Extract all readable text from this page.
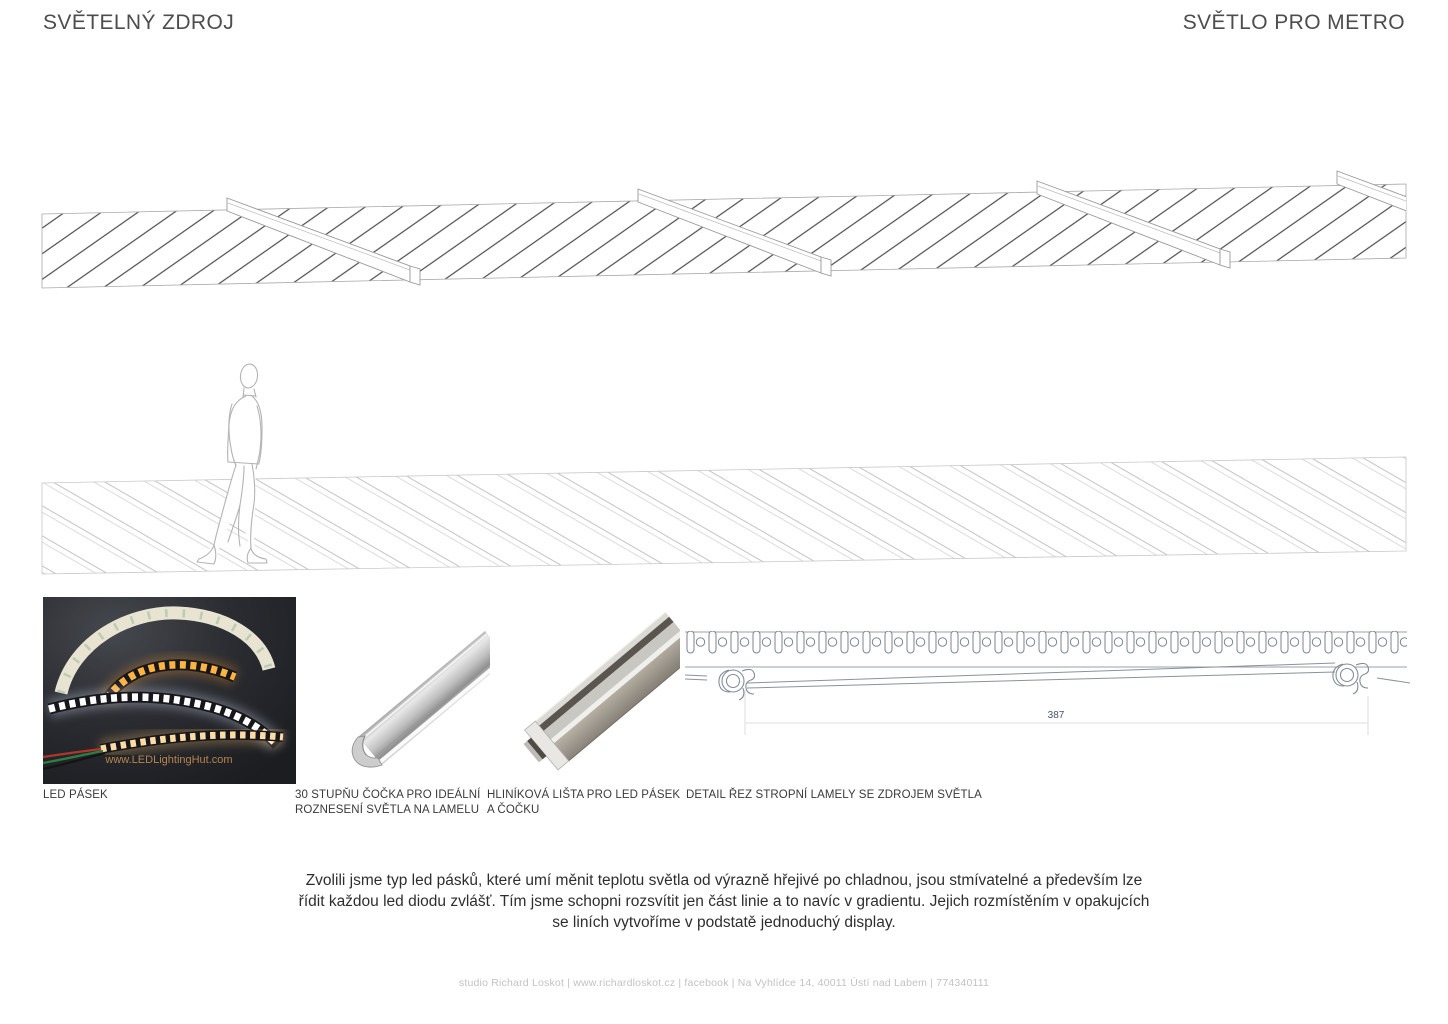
SVĚTELNÝ ZDROJ	SVĚTLO PRO METRO
www.LEDLightingHut.com
387
LED PÁSEK	30 STUPŇU ČOČKA PRO IDEÁLNÍ
ROZNESENÍ SVĚTLA NA LAMELU
HLINÍKOVÁ LIŠTA PRO LED PÁSEK
A ČOČKU
DETAIL ŘEZ STROPNÍ LAMELY SE ZDROJEM SVĚTLA
Zvolili jsme typ led pásků, které umí měnit teplotu světla od výrazně hřejivé po chladnou, jsou stmívatelné a především lze řídit každou led diodu zvlášť. Tím jsme schopni rozsvítit jen část linie a to navíc v gradientu. Jejich rozmístěním v opakujcích se liních vytvoříme v podstatě jednoduchý display.
studio Richard Loskot | www.richardloskot.cz | facebook | Na Vyhlídce 14, 40011 Ústí nad Labem | 774340111
